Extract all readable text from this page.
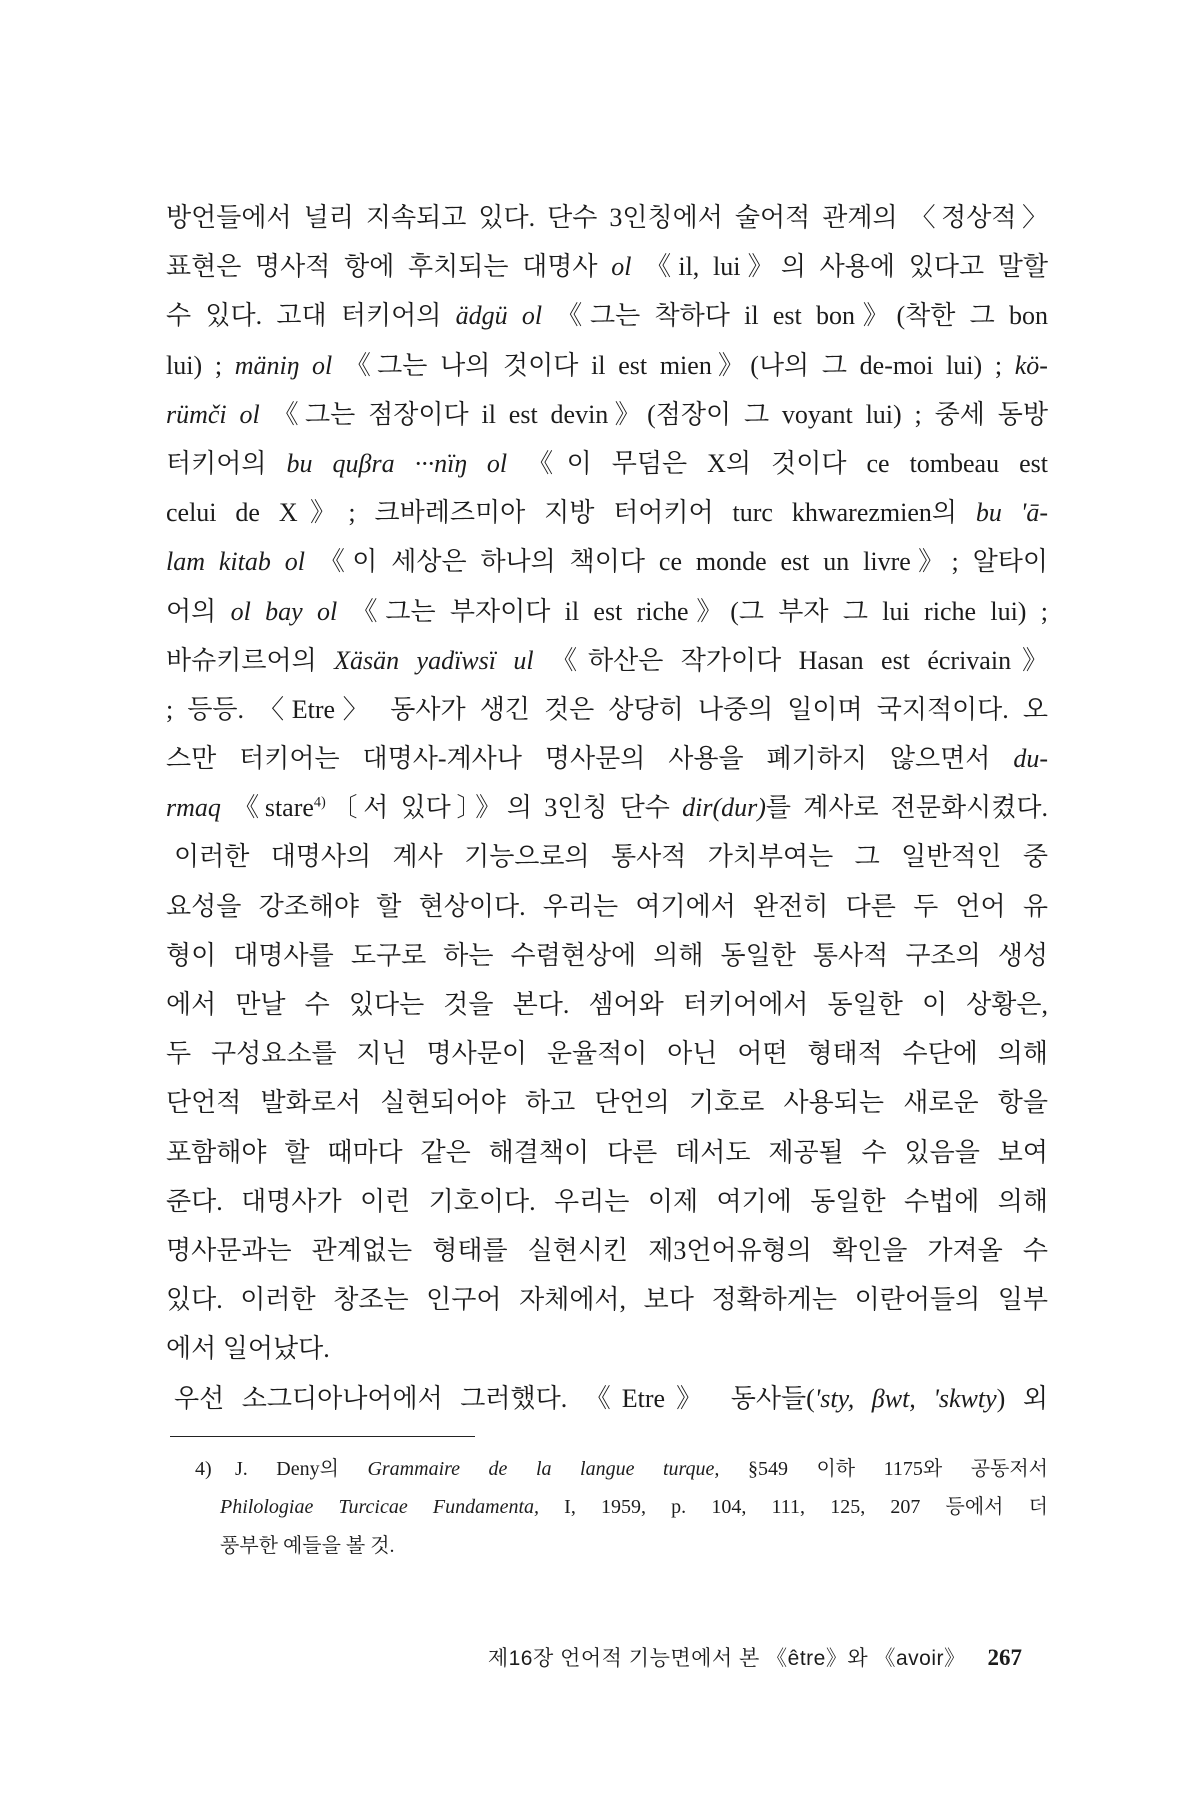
방언들에서 널리 지속되고 있다. 단수 3인칭에서 술어적 관계의 〈정상적〉
표현은 명사적 항에 후치되는 대명사 ol 《il, lui》의 사용에 있다고 말할
수 있다. 고대 터키어의 ädgü ol 《그는 착하다 il est bon》(착한 그 bon
lui) ; mäniŋ ol 《그는 나의 것이다 il est mien》(나의 그 de-moi lui) ; kö-
rümči ol 《그는 점장이다 il est devin》(점장이 그 voyant lui) ; 중세 동방
터키어의 bu quβra ···nïŋ ol 《이 무덤은 X의 것이다 ce tombeau est
celui de X》; 크바레즈미아 지방 터어키어 turc khwarezmien의 bu 'ā-
lam kitab ol 《이 세상은 하나의 책이다 ce monde est un livre》; 알타이
어의 ol bay ol 《그는 부자이다 il est riche》(그 부자 그 lui riche lui) ;
바슈키르어의 Xäsän yadïwsï ul 《하산은 작가이다 Hasan est écrivain》
; 등등. 〈Etre〉 동사가 생긴 것은 상당히 나중의 일이며 국지적이다. 오
스만 터키어는 대명사-계사나 명사문의 사용을 폐기하지 않으면서 du-
rmaq 《stare$^{4)}$〔서 있다〕》의 3인칭 단수 dir(dur)를 계사로 전문화시켰다.
이러한 대명사의 계사 기능으로의 통사적 가치부여는 그 일반적인 중
요성을 강조해야 할 현상이다. 우리는 여기에서 완전히 다른 두 언어 유
형이 대명사를 도구로 하는 수렴현상에 의해 동일한 통사적 구조의 생성
에서 만날 수 있다는 것을 본다. 셈어와 터키어에서 동일한 이 상황은,
두 구성요소를 지닌 명사문이 운율적이 아닌 어떤 형태적 수단에 의해
단언적 발화로서 실현되어야 하고 단언의 기호로 사용되는 새로운 항을
포함해야 할 때마다 같은 해결책이 다른 데서도 제공될 수 있음을 보여
준다. 대명사가 이런 기호이다. 우리는 이제 여기에 동일한 수법에 의해
명사문과는 관계없는 형태를 실현시킨 제3언어유형의 확인을 가져올 수
있다. 이러한 창조는 인구어 자체에서, 보다 정확하게는 이란어들의 일부
에서 일어났다.
우선 소그디아나어에서 그러했다. 《Etre》 동사들('sty, βwt, 'skwty) 외
4)	J. Deny의 Grammaire de la langue turque, §549 이하 1175와 공동저서
Philologiae Turcicae Fundamenta, I, 1959, p. 104, 111, 125, 207 등에서 더
풍부한 예들을 볼 것.
제16장 언어적 기능면에서 본 《être》와 《avoir》 267
